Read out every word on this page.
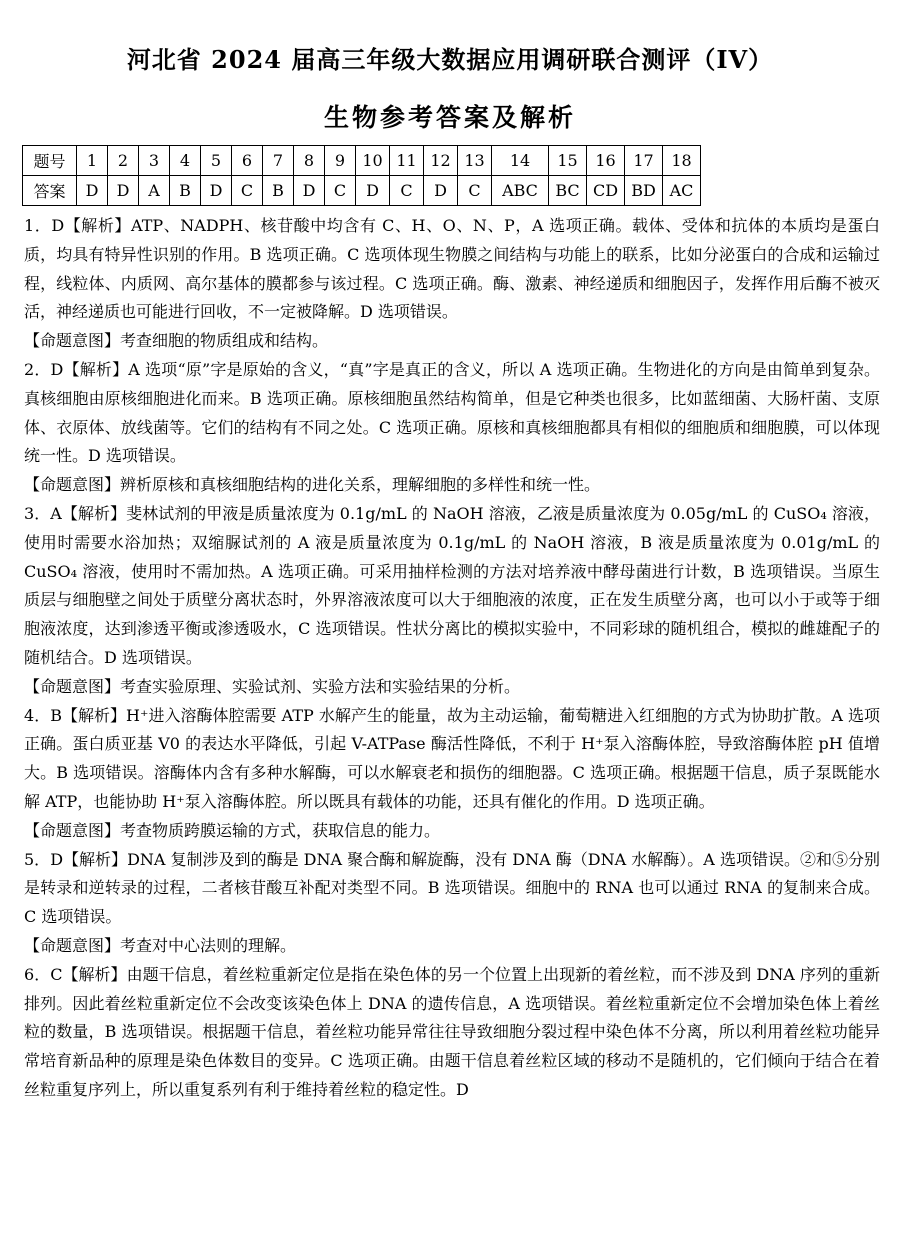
河北省 2024 届高三年级大数据应用调研联合测评（IV）
生物参考答案及解析
题号	1	2	3	4	5	6	7	8	9	10	11	12	13	14	15	16	17	18
答案	D	D	A	B	D	C	B	D	C	D	C	D	C	ABC	BC	CD	BD	AC

1．D【解析】ATP、NADPH、核苷酸中均含有 C、H、O、N、P，A 选项正确。载体、受体和抗体的本质均是蛋白质，均具有特异性识别的作用。B 选项正确。C 选项体现生物膜之间结构与功能上的联系，比如分泌蛋白的合成和运输过程，线粒体、内质网、高尔基体的膜都参与该过程。C 选项正确。酶、激素、神经递质和细胞因子，发挥作用后酶不被灭活，神经递质也可能进行回收，不一定被降解。D 选项错误。

【命题意图】考查细胞的物质组成和结构。

2．D【解析】A 选项“原”字是原始的含义，“真”字是真正的含义，所以 A 选项正确。生物进化的方向是由简单到复杂。真核细胞由原核细胞进化而来。B 选项正确。原核细胞虽然结构简单，但是它种类也很多，比如蓝细菌、大肠杆菌、支原体、衣原体、放线菌等。它们的结构有不同之处。C 选项正确。原核和真核细胞都具有相似的细胞质和细胞膜，可以体现统一性。D 选项错误。

【命题意图】辨析原核和真核细胞结构的进化关系，理解细胞的多样性和统一性。

3．A【解析】斐林试剂的甲液是质量浓度为 0.1g/mL 的 NaOH 溶液，乙液是质量浓度为 0.05g/mL 的 CuSO₄ 溶液，使用时需要水浴加热；双缩脲试剂的 A 液是质量浓度为 0.1g/mL 的 NaOH 溶液，B 液是质量浓度为 0.01g/mL 的 CuSO₄ 溶液，使用时不需加热。A 选项正确。可采用抽样检测的方法对培养液中酵母菌进行计数，B 选项错误。当原生质层与细胞壁之间处于质壁分离状态时，外界溶液浓度可以大于细胞液的浓度，正在发生质壁分离，也可以小于或等于细胞液浓度，达到渗透平衡或渗透吸水，C 选项错误。性状分离比的模拟实验中，不同彩球的随机组合，模拟的雌雄配子的随机结合。D 选项错误。

【命题意图】考查实验原理、实验试剂、实验方法和实验结果的分析。

4．B【解析】H⁺进入溶酶体腔需要 ATP 水解产生的能量，故为主动运输，葡萄糖进入红细胞的方式为协助扩散。A 选项正确。蛋白质亚基 V0 的表达水平降低，引起 V-ATPase 酶活性降低，不利于 H⁺泵入溶酶体腔，导致溶酶体腔 pH 值增大。B 选项错误。溶酶体内含有多种水解酶，可以水解衰老和损伤的细胞器。C 选项正确。根据题干信息，质子泵既能水解 ATP，也能协助 H⁺泵入溶酶体腔。所以既具有载体的功能，还具有催化的作用。D 选项正确。

【命题意图】考查物质跨膜运输的方式，获取信息的能力。

5．D【解析】DNA 复制涉及到的酶是 DNA 聚合酶和解旋酶，没有 DNA 酶（DNA 水解酶）。A 选项错误。②和⑤分别是转录和逆转录的过程，二者核苷酸互补配对类型不同。B 选项错误。细胞中的 RNA 也可以通过 RNA 的复制来合成。C 选项错误。

【命题意图】考查对中心法则的理解。

6．C【解析】由题干信息，着丝粒重新定位是指在染色体的另一个位置上出现新的着丝粒，而不涉及到 DNA 序列的重新排列。因此着丝粒重新定位不会改变该染色体上 DNA 的遗传信息，A 选项错误。着丝粒重新定位不会增加染色体上着丝粒的数量，B 选项错误。根据题干信息，着丝粒功能异常往往导致细胞分裂过程中染色体不分离，所以利用着丝粒功能异常培育新品种的原理是染色体数目的变异。C 选项正确。由题干信息着丝粒区域的移动不是随机的，它们倾向于结合在着丝粒重复序列上，所以重复系列有利于维持着丝粒的稳定性。D
